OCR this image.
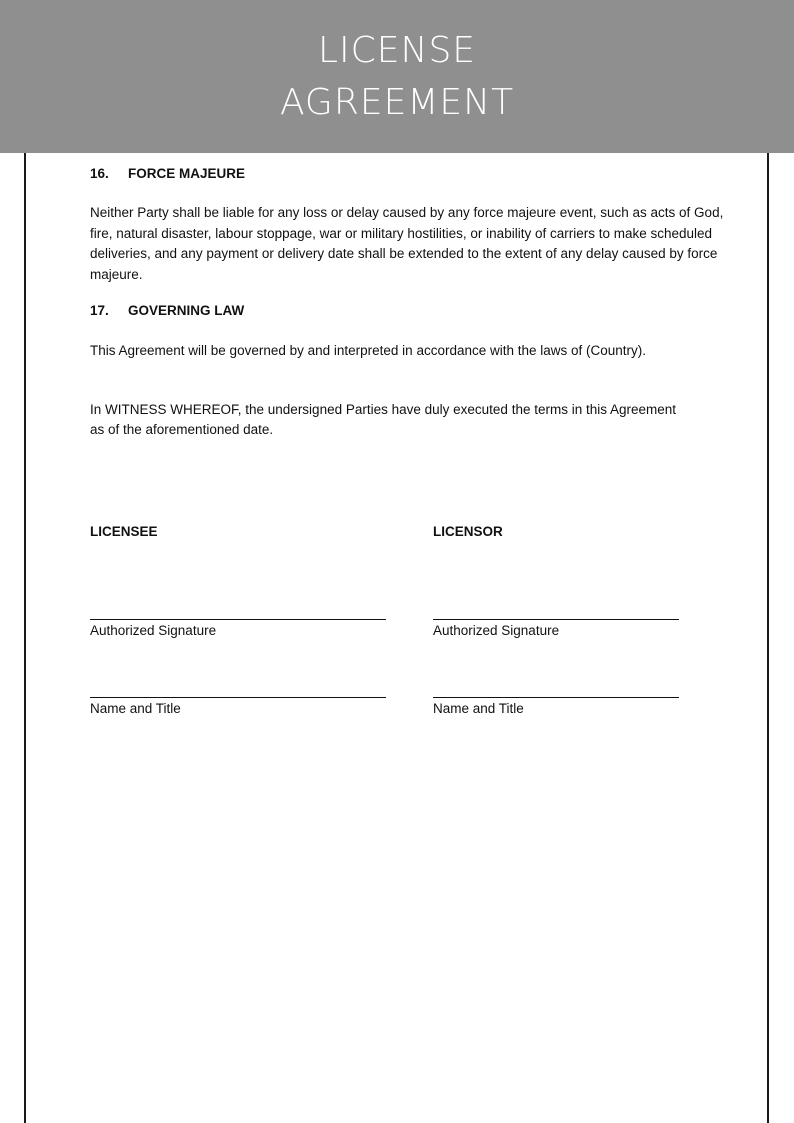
LICENSE
AGREEMENT

16. FORCE MAJEURE

Neither Party shall be liable for any loss or delay caused by any force majeure event, such as acts of God, fire, natural disaster, labour stoppage, war or military hostilities, or inability of carriers to make scheduled deliveries, and any payment or delivery date shall be extended to the extent of any delay caused by force majeure.

17. GOVERNING LAW

This Agreement will be governed by and interpreted in accordance with the laws of (Country).

In WITNESS WHEREOF, the undersigned Parties have duly executed the terms in this Agreement as of the aforementioned date.

LICENSEE
Authorized Signature
Name and Title
LICENSOR
Authorized Signature
Name and Title
